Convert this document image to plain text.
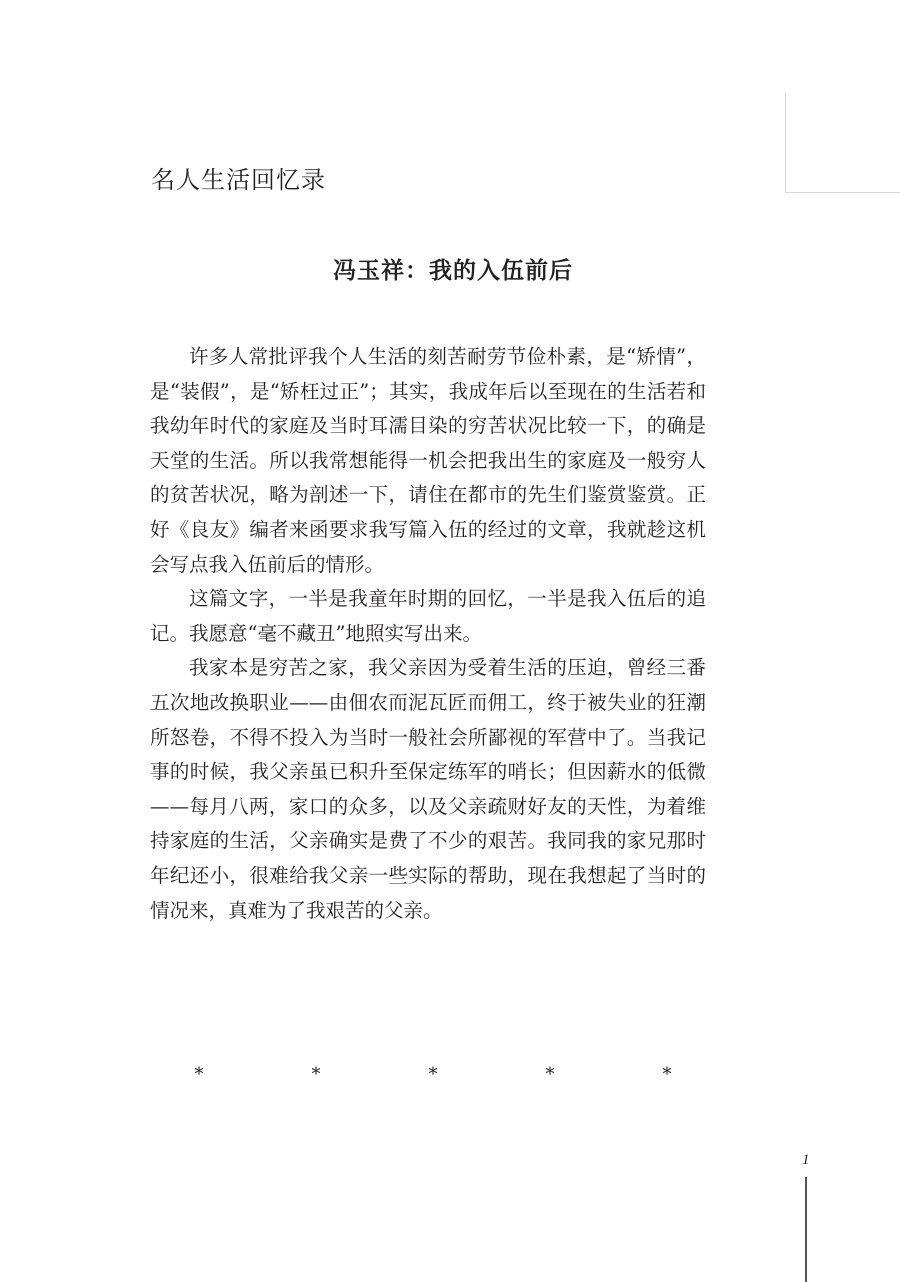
名人生活回忆录
冯玉祥：我的入伍前后

许多人常批评我个人生活的刻苦耐劳节俭朴素，是“矫情”，是“装假”，是“矫枉过正”；其实，我成年后以至现在的生活若和我幼年时代的家庭及当时耳濡目染的穷苦状况比较一下，的确是天堂的生活。所以我常想能得一机会把我出生的家庭及一般穷人的贫苦状况，略为剖述一下，请住在都市的先生们鉴赏鉴赏。正好《良友》编者来函要求我写篇入伍的经过的文章，我就趁这机会写点我入伍前后的情形。

这篇文字，一半是我童年时期的回忆，一半是我入伍后的追记。我愿意“毫不藏丑”地照实写出来。

我家本是穷苦之家，我父亲因为受着生活的压迫，曾经三番五次地改换职业——由佃农而泥瓦匠而佣工，终于被失业的狂潮所怒卷，不得不投入为当时一般社会所鄙视的军营中了。当我记事的时候，我父亲虽已积升至保定练军的哨长；但因薪水的低微——每月八两，家口的众多，以及父亲疏财好友的天性，为着维持家庭的生活，父亲确实是费了不少的艰苦。我同我的家兄那时年纪还小，很难给我父亲一些实际的帮助，现在我想起了当时的情况来，真难为了我艰苦的父亲。

*	*	*	*	*
1
